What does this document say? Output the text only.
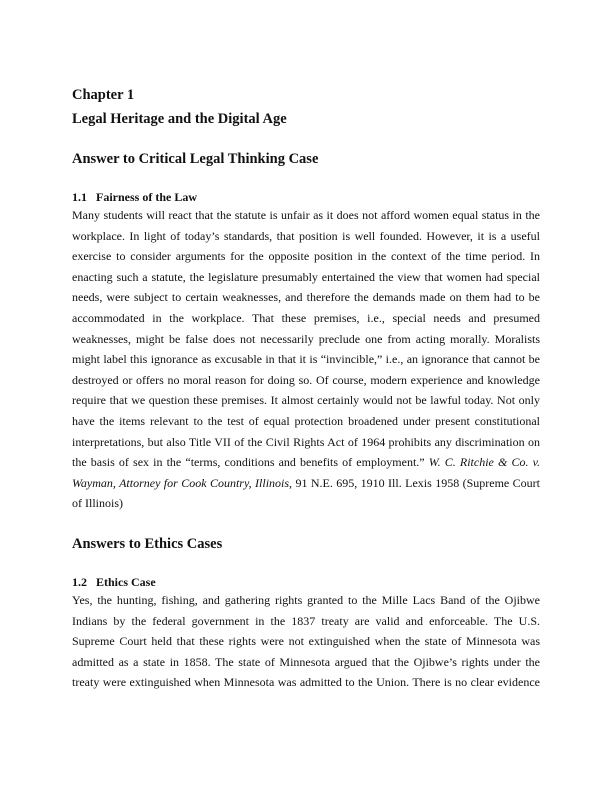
Chapter 1
Legal Heritage and the Digital Age
Answer to Critical Legal Thinking Case
1.1 Fairness of the Law
Many students will react that the statute is unfair as it does not afford women equal status in the
workplace. In light of today’s standards, that position is well founded. However, it is a useful
exercise to consider arguments for the opposite position in the context of the time period. In
enacting such a statute, the legislature presumably entertained the view that women had special
needs, were subject to certain weaknesses, and therefore the demands made on them had to be
accommodated in the workplace. That these premises, i.e., special needs and presumed
weaknesses, might be false does not necessarily preclude one from acting morally. Moralists
might label this ignorance as excusable in that it is “invincible,” i.e., an ignorance that cannot be
destroyed or offers no moral reason for doing so. Of course, modern experience and knowledge
require that we question these premises. It almost certainly would not be lawful today. Not only
have the items relevant to the test of equal protection broadened under present constitutional
interpretations, but also Title VII of the Civil Rights Act of 1964 prohibits any discrimination on
the basis of sex in the “terms, conditions and benefits of employment.” W. C. Ritchie & Co. v.
Wayman, Attorney for Cook Country, Illinois, 91 N.E. 695, 1910 Ill. Lexis 1958 (Supreme Court
of Illinois)
Answers to Ethics Cases
1.2 Ethics Case
Yes, the hunting, fishing, and gathering rights granted to the Mille Lacs Band of the Ojibwe
Indians by the federal government in the 1837 treaty are valid and enforceable. The U.S.
Supreme Court held that these rights were not extinguished when the state of Minnesota was
admitted as a state in 1858. The state of Minnesota argued that the Ojibwe’s rights under the
treaty were extinguished when Minnesota was admitted to the Union. There is no clear evidence
